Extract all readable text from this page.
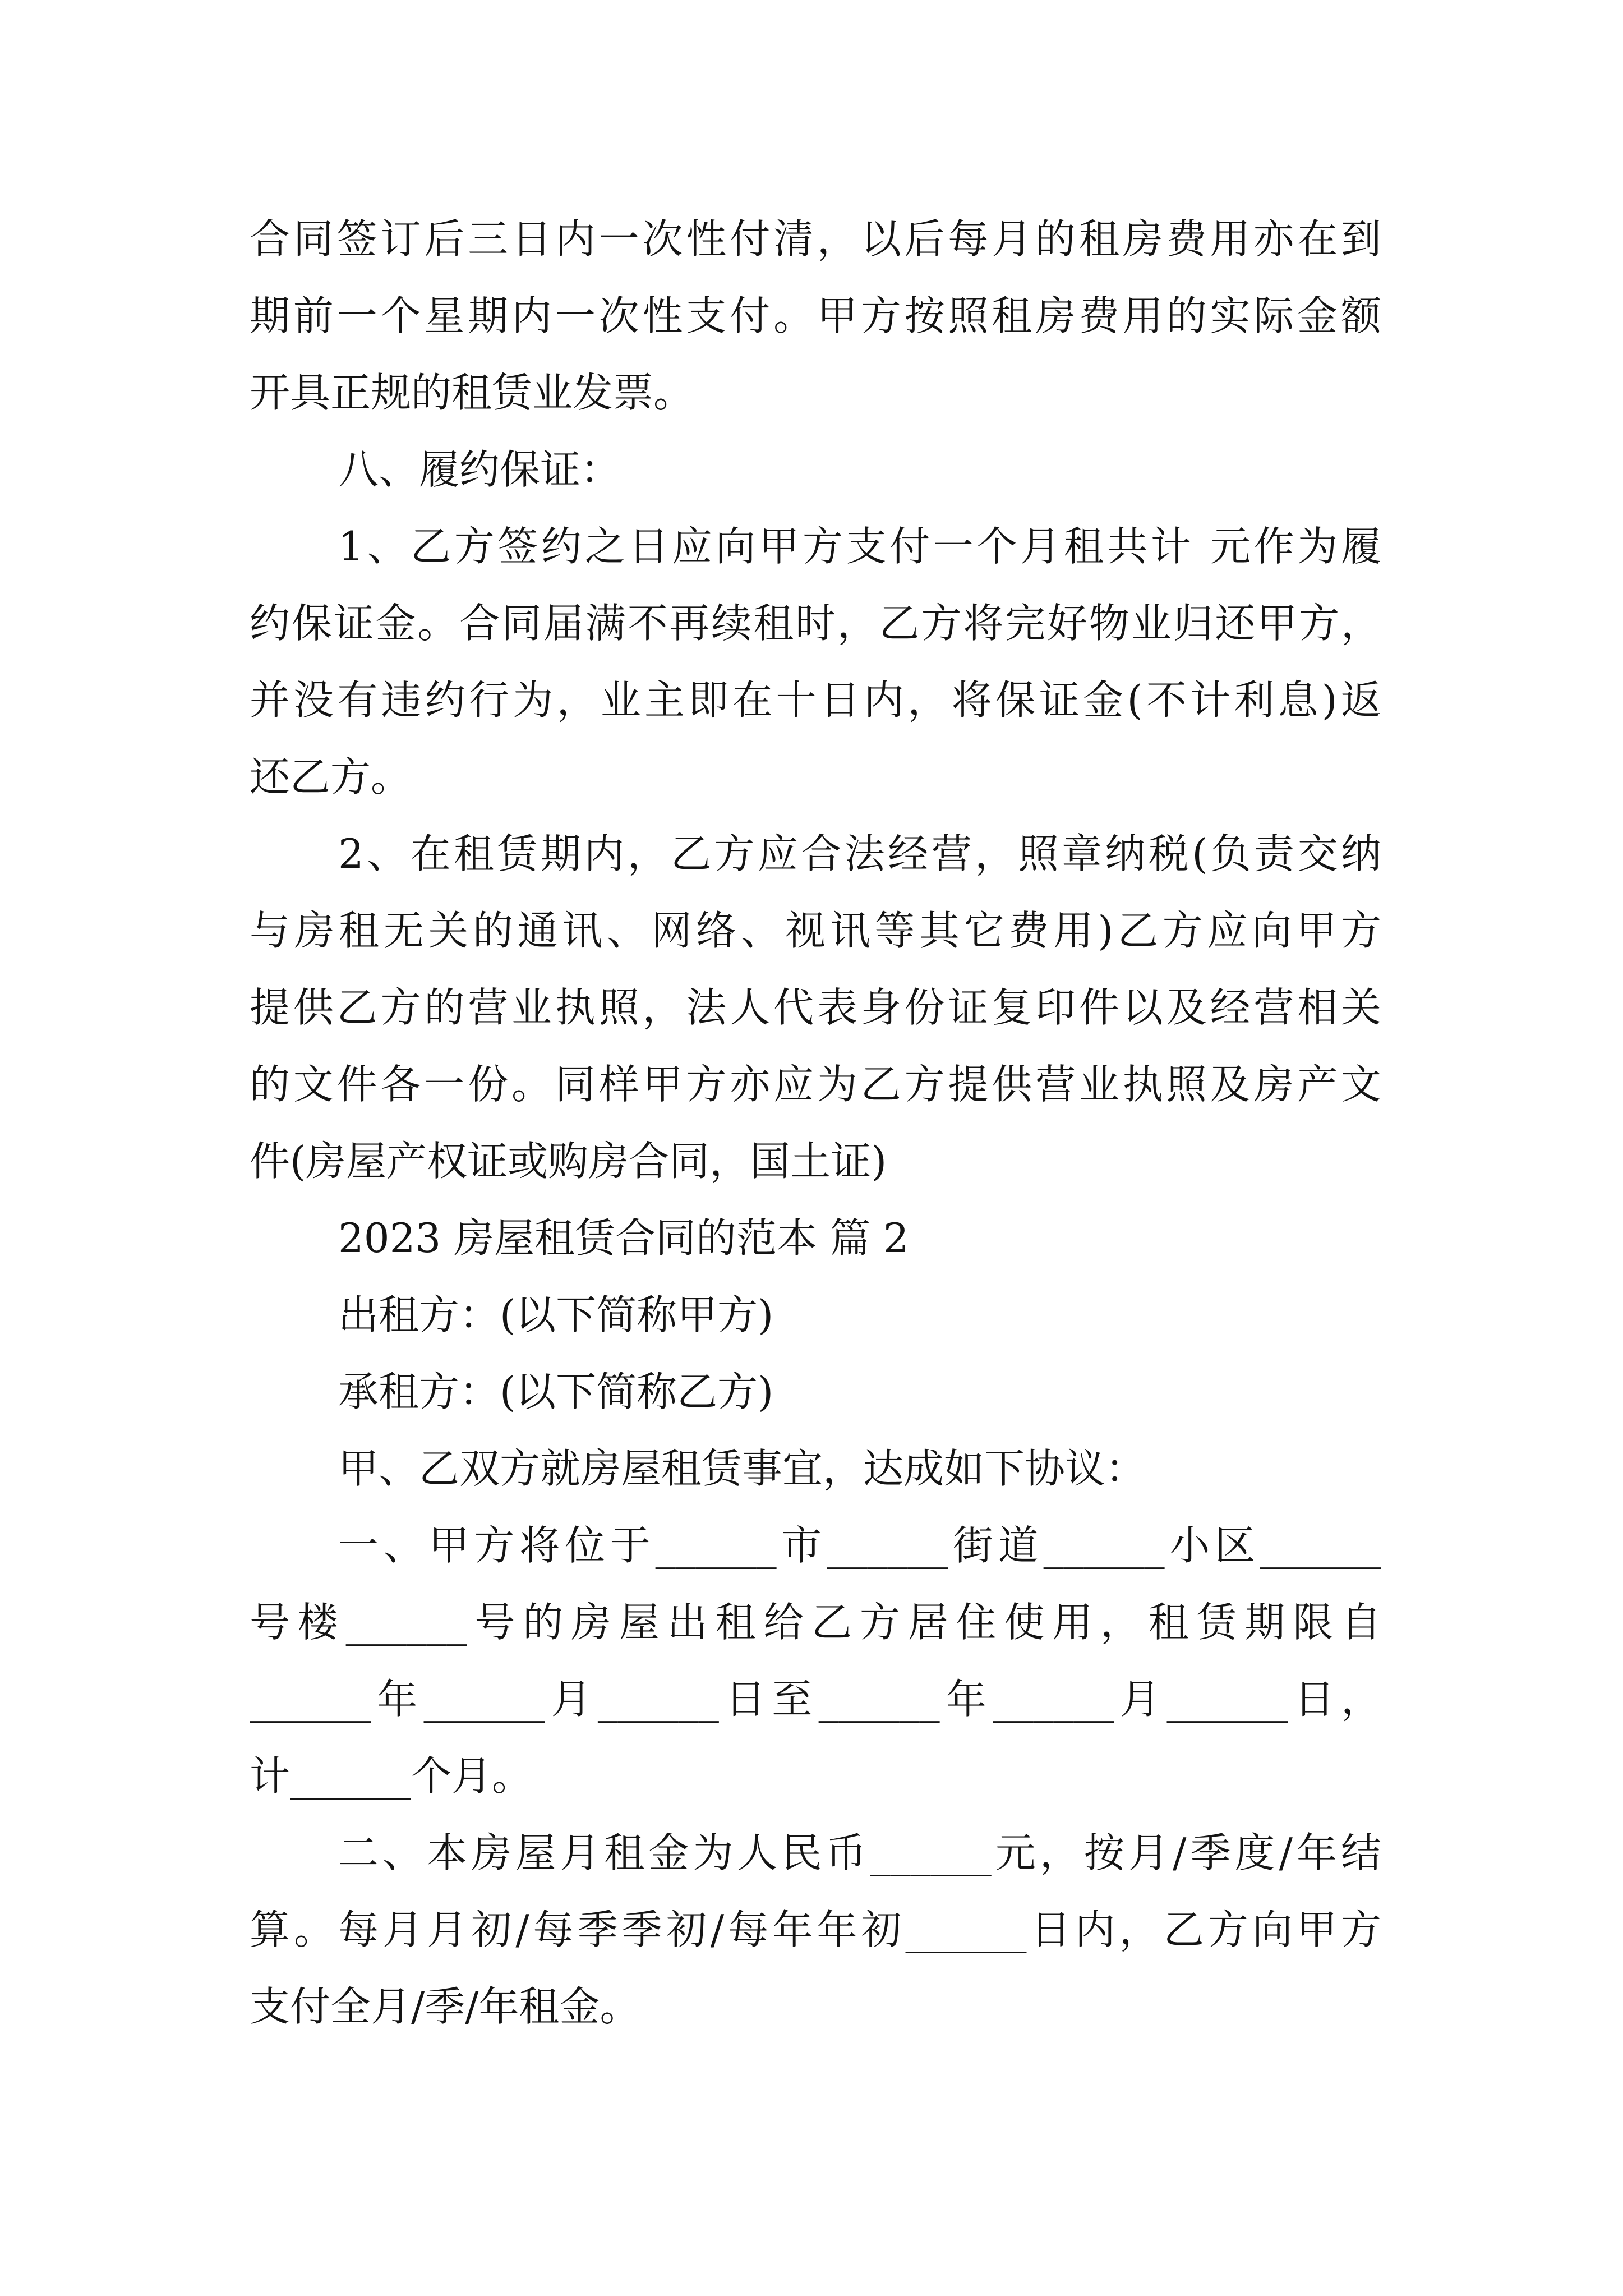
合同签订后三日内一次性付清，以后每月的租房费用亦在到
期前一个星期内一次性支付。甲方按照租房费用的实际金额
开具正规的租赁业发票。
八、履约保证：
1、乙方签约之日应向甲方支付一个月租共计 元作为履
约保证金。合同届满不再续租时，乙方将完好物业归还甲方，
并没有违约行为，业主即在十日内，将保证金(不计利息)返
还乙方。
2、在租赁期内，乙方应合法经营，照章纳税(负责交纳
与房租无关的通讯、网络、视讯等其它费用)乙方应向甲方
提供乙方的营业执照，法人代表身份证复印件以及经营相关
的文件各一份。同样甲方亦应为乙方提供营业执照及房产文
件(房屋产权证或购房合同，国土证)
2023 房屋租赁合同的范本 篇 2
出租方：(以下简称甲方)
承租方：(以下简称乙方)
甲、乙双方就房屋租赁事宜，达成如下协议：
一、甲方将位于______市______街道______小区______
号楼______号的房屋出租给乙方居住使用，租赁期限自
______年______月______日至______年______月______日，
计______个月。
二、本房屋月租金为人民币______元，按月/季度/年结
算。每月月初/每季季初/每年年初______日内，乙方向甲方
支付全月/季/年租金。
